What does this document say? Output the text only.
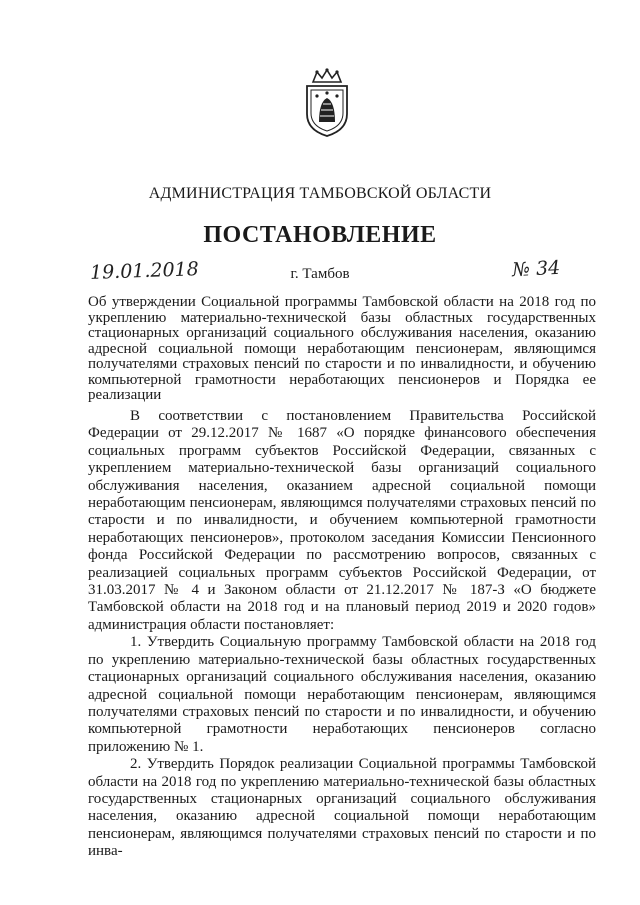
АДМИНИСТРАЦИЯ ТАМБОВСКОЙ ОБЛАСТИ
ПОСТАНОВЛЕНИЕ
19.01.2018	г. Тамбов	№ 34
Об утверждении Социальной программы Тамбовской области на 2018 год по укреплению материально-технической базы областных государственных стационарных организаций социального обслуживания населения, оказанию адресной социальной помощи неработающим пенсионерам, являющимся получателями страховых пенсий по старости и по инвалидности, и обучению компьютерной грамотности неработающих пенсионеров и Порядка ее реализации

В соответствии с постановлением Правительства Российской Федерации от 29.12.2017 № 1687 «О порядке финансового обеспечения социальных программ субъектов Российской Федерации, связанных с укреплением материально-технической базы организаций социального обслуживания населения, оказанием адресной социальной помощи неработающим пенсионерам, являющимся получателями страховых пенсий по старости и по инвалидности, и обучением компьютерной грамотности неработающих пенсионеров», протоколом заседания Комиссии Пенсионного фонда Российской Федерации по рассмотрению вопросов, связанных с реализацией социальных программ субъектов Российской Федерации, от 31.03.2017 № 4 и Законом области от 21.12.2017 № 187-З «О бюджете Тамбовской области на 2018 год и на плановый период 2019 и 2020 годов» администрация области постановляет:

1. Утвердить Социальную программу Тамбовской области на 2018 год по укреплению материально-технической базы областных государственных стационарных организаций социального обслуживания населения, оказанию адресной социальной помощи неработающим пенсионерам, являющимся получателями страховых пенсий по старости и по инвалидности, и обучению компьютерной грамотности неработающих пенсионеров согласно приложению № 1.

2. Утвердить Порядок реализации Социальной программы Тамбовской области на 2018 год по укреплению материально-технической базы областных государственных стационарных организаций социального обслуживания населения, оказанию адресной социальной помощи неработающим пенсионерам, являющимся получателями страховых пенсий по старости и по инва-
